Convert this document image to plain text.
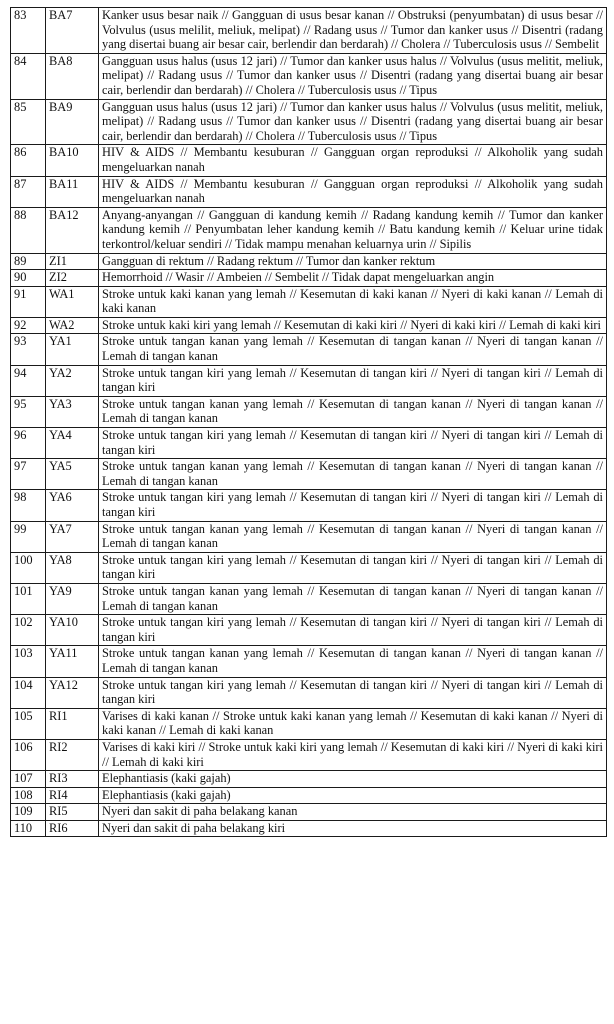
83	BA7	Kanker usus besar naik // Gangguan di usus besar kanan // Obstruksi (penyumbatan) di usus besar // Volvulus (usus melilit, meliuk, melipat) // Radang usus // Tumor dan kanker usus // Disentri (radang yang disertai buang air besar cair, berlendir dan berdarah) // Cholera // Tuberculosis usus // Sembelit
84	BA8	Gangguan usus halus (usus 12 jari) // Tumor dan kanker usus halus // Volvulus (usus melitit, meliuk, melipat) // Radang usus // Tumor dan kanker usus // Disentri (radang yang disertai buang air besar cair, berlendir dan berdarah) // Cholera // Tuberculosis usus // Tipus
85	BA9	Gangguan usus halus (usus 12 jari) // Tumor dan kanker usus halus // Volvulus (usus melitit, meliuk, melipat) // Radang usus // Tumor dan kanker usus // Disentri (radang yang disertai buang air besar cair, berlendir dan berdarah) // Cholera // Tuberculosis usus // Tipus
86	BA10	HIV & AIDS // Membantu kesuburan // Gangguan organ reproduksi // Alkoholik yang sudah mengeluarkan nanah
87	BA11	HIV & AIDS // Membantu kesuburan // Gangguan organ reproduksi // Alkoholik yang sudah mengeluarkan nanah
88	BA12	Anyang-anyangan // Gangguan di kandung kemih // Radang kandung kemih // Tumor dan kanker kandung kemih // Penyumbatan leher kandung kemih // Batu kandung kemih // Keluar urine tidak terkontrol/keluar sendiri // Tidak mampu menahan keluarnya urin // Sipilis
89	ZI1	Gangguan di rektum // Radang rektum // Tumor dan kanker rektum
90	ZI2	Hemorrhoid // Wasir // Ambeien // Sembelit // Tidak dapat mengeluarkan angin
91	WA1	Stroke untuk kaki kanan yang lemah // Kesemutan di kaki kanan // Nyeri di kaki kanan // Lemah di kaki kanan
92	WA2	Stroke untuk kaki kiri yang lemah // Kesemutan di kaki kiri // Nyeri di kaki kiri // Lemah di kaki kiri
93	YA1	Stroke untuk tangan kanan yang lemah // Kesemutan di tangan kanan // Nyeri di tangan kanan // Lemah di tangan kanan
94	YA2	Stroke untuk tangan kiri yang lemah // Kesemutan di tangan kiri // Nyeri di tangan kiri // Lemah di tangan kiri
95	YA3	Stroke untuk tangan kanan yang lemah // Kesemutan di tangan kanan // Nyeri di tangan kanan // Lemah di tangan kanan
96	YA4	Stroke untuk tangan kiri yang lemah // Kesemutan di tangan kiri // Nyeri di tangan kiri // Lemah di tangan kiri
97	YA5	Stroke untuk tangan kanan yang lemah // Kesemutan di tangan kanan // Nyeri di tangan kanan // Lemah di tangan kanan
98	YA6	Stroke untuk tangan kiri yang lemah // Kesemutan di tangan kiri // Nyeri di tangan kiri // Lemah di tangan kiri
99	YA7	Stroke untuk tangan kanan yang lemah // Kesemutan di tangan kanan // Nyeri di tangan kanan // Lemah di tangan kanan
100	YA8	Stroke untuk tangan kiri yang lemah // Kesemutan di tangan kiri // Nyeri di tangan kiri // Lemah di tangan kiri
101	YA9	Stroke untuk tangan kanan yang lemah // Kesemutan di tangan kanan // Nyeri di tangan kanan // Lemah di tangan kanan
102	YA10	Stroke untuk tangan kiri yang lemah // Kesemutan di tangan kiri // Nyeri di tangan kiri // Lemah di tangan kiri
103	YA11	Stroke untuk tangan kanan yang lemah // Kesemutan di tangan kanan // Nyeri di tangan kanan // Lemah di tangan kanan
104	YA12	Stroke untuk tangan kiri yang lemah // Kesemutan di tangan kiri // Nyeri di tangan kiri // Lemah di tangan kiri
105	RI1	Varises di kaki kanan // Stroke untuk kaki kanan yang lemah // Kesemutan di kaki kanan // Nyeri di kaki kanan // Lemah di kaki kanan
106	RI2	Varises di kaki kiri // Stroke untuk kaki kiri yang lemah // Kesemutan di kaki kiri // Nyeri di kaki kiri // Lemah di kaki kiri
107	RI3	Elephantiasis (kaki gajah)
108	RI4	Elephantiasis (kaki gajah)
109	RI5	Nyeri dan sakit di paha belakang kanan
110	RI6	Nyeri dan sakit di paha belakang kiri
